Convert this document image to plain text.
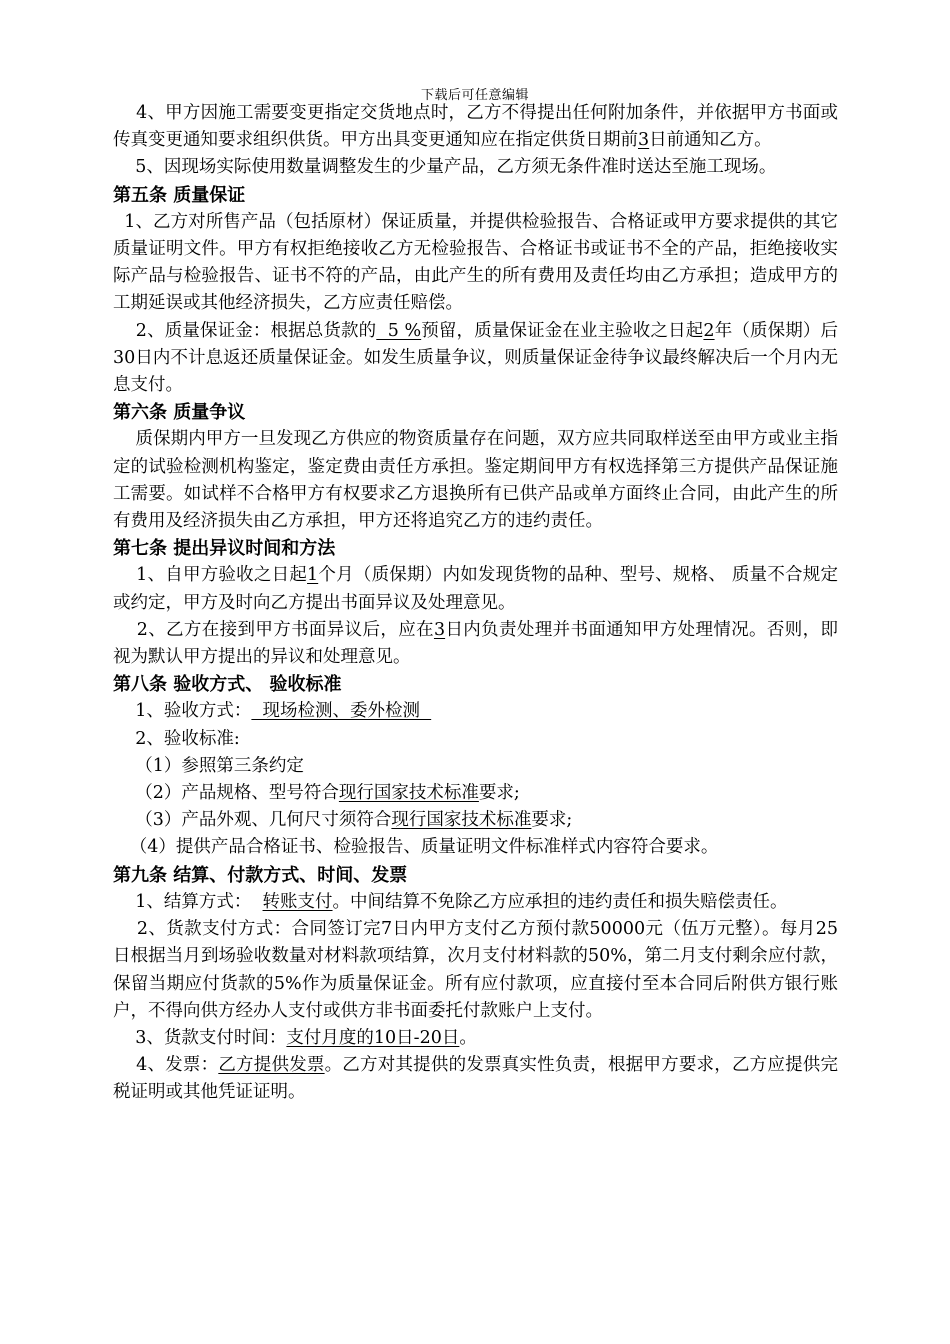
下载后可任意编辑

4、甲方因施工需要变更指定交货地点时，乙方不得提出任何附加条件，并依据甲方书面或传真变更通知要求组织供货。甲方出具变更通知应在指定供货日期前3日前通知乙方。

5、因现场实际使用数量调整发生的少量产品，乙方须无条件准时送达至施工现场。

第五条 质量保证

1、乙方对所售产品（包括原材）保证质量，并提供检验报告、合格证或甲方要求提供的其它质量证明文件。甲方有权拒绝接收乙方无检验报告、合格证书或证书不全的产品，拒绝接收实际产品与检验报告、证书不符的产品，由此产生的所有费用及责任均由乙方承担；造成甲方的工期延误或其他经济损失，乙方应责任赔偿。

2、质量保证金：根据总货款的  5 %预留，质量保证金在业主验收之日起2年（质保期）后30日内不计息返还质量保证金。如发生质量争议，则质量保证金待争议最终解决后一个月内无息支付。

第六条 质量争议

质保期内甲方一旦发现乙方供应的物资质量存在问题，双方应共同取样送至由甲方或业主指定的试验检测机构鉴定，鉴定费由责任方承担。鉴定期间甲方有权选择第三方提供产品保证施工需要。如试样不合格甲方有权要求乙方退换所有已供产品或单方面终止合同，由此产生的所有费用及经济损失由乙方承担，甲方还将追究乙方的违约责任。

第七条 提出异议时间和方法

1、自甲方验收之日起1个月（质保期）内如发现货物的品种、型号、规格、 质量不合规定或约定，甲方及时向乙方提出书面异议及处理意见。

2、乙方在接到甲方书面异议后，应在3日内负责处理并书面通知甲方处理情况。否则，即视为默认甲方提出的异议和处理意见。

第八条 验收方式、 验收标准

1、验收方式：  现场检测、委外检测

2、验收标准:

（1）参照第三条约定

（2）产品规格、型号符合现行国家技术标准要求;

（3）产品外观、几何尺寸须符合现行国家技术标准要求;

（4）提供产品合格证书、检验报告、质量证明文件标准样式内容符合要求。

第九条 结算、付款方式、时间、发票

1、结算方式：  转账支付。中间结算不免除乙方应承担的违约责任和损失赔偿责任。

2、货款支付方式：合同签订完7日内甲方支付乙方预付款50000元（伍万元整）。每月25日根据当月到场验收数量对材料款项结算，次月支付材料款的50%，第二月支付剩余应付款，保留当期应付货款的5%作为质量保证金。所有应付款项，应直接付至本合同后附供方银行账户，不得向供方经办人支付或供方非书面委托付款账户上支付。

3、货款支付时间：支付月度的10日-20日。

4、发票：乙方提供发票。乙方对其提供的发票真实性负责，根据甲方要求，乙方应提供完税证明或其他凭证证明。
